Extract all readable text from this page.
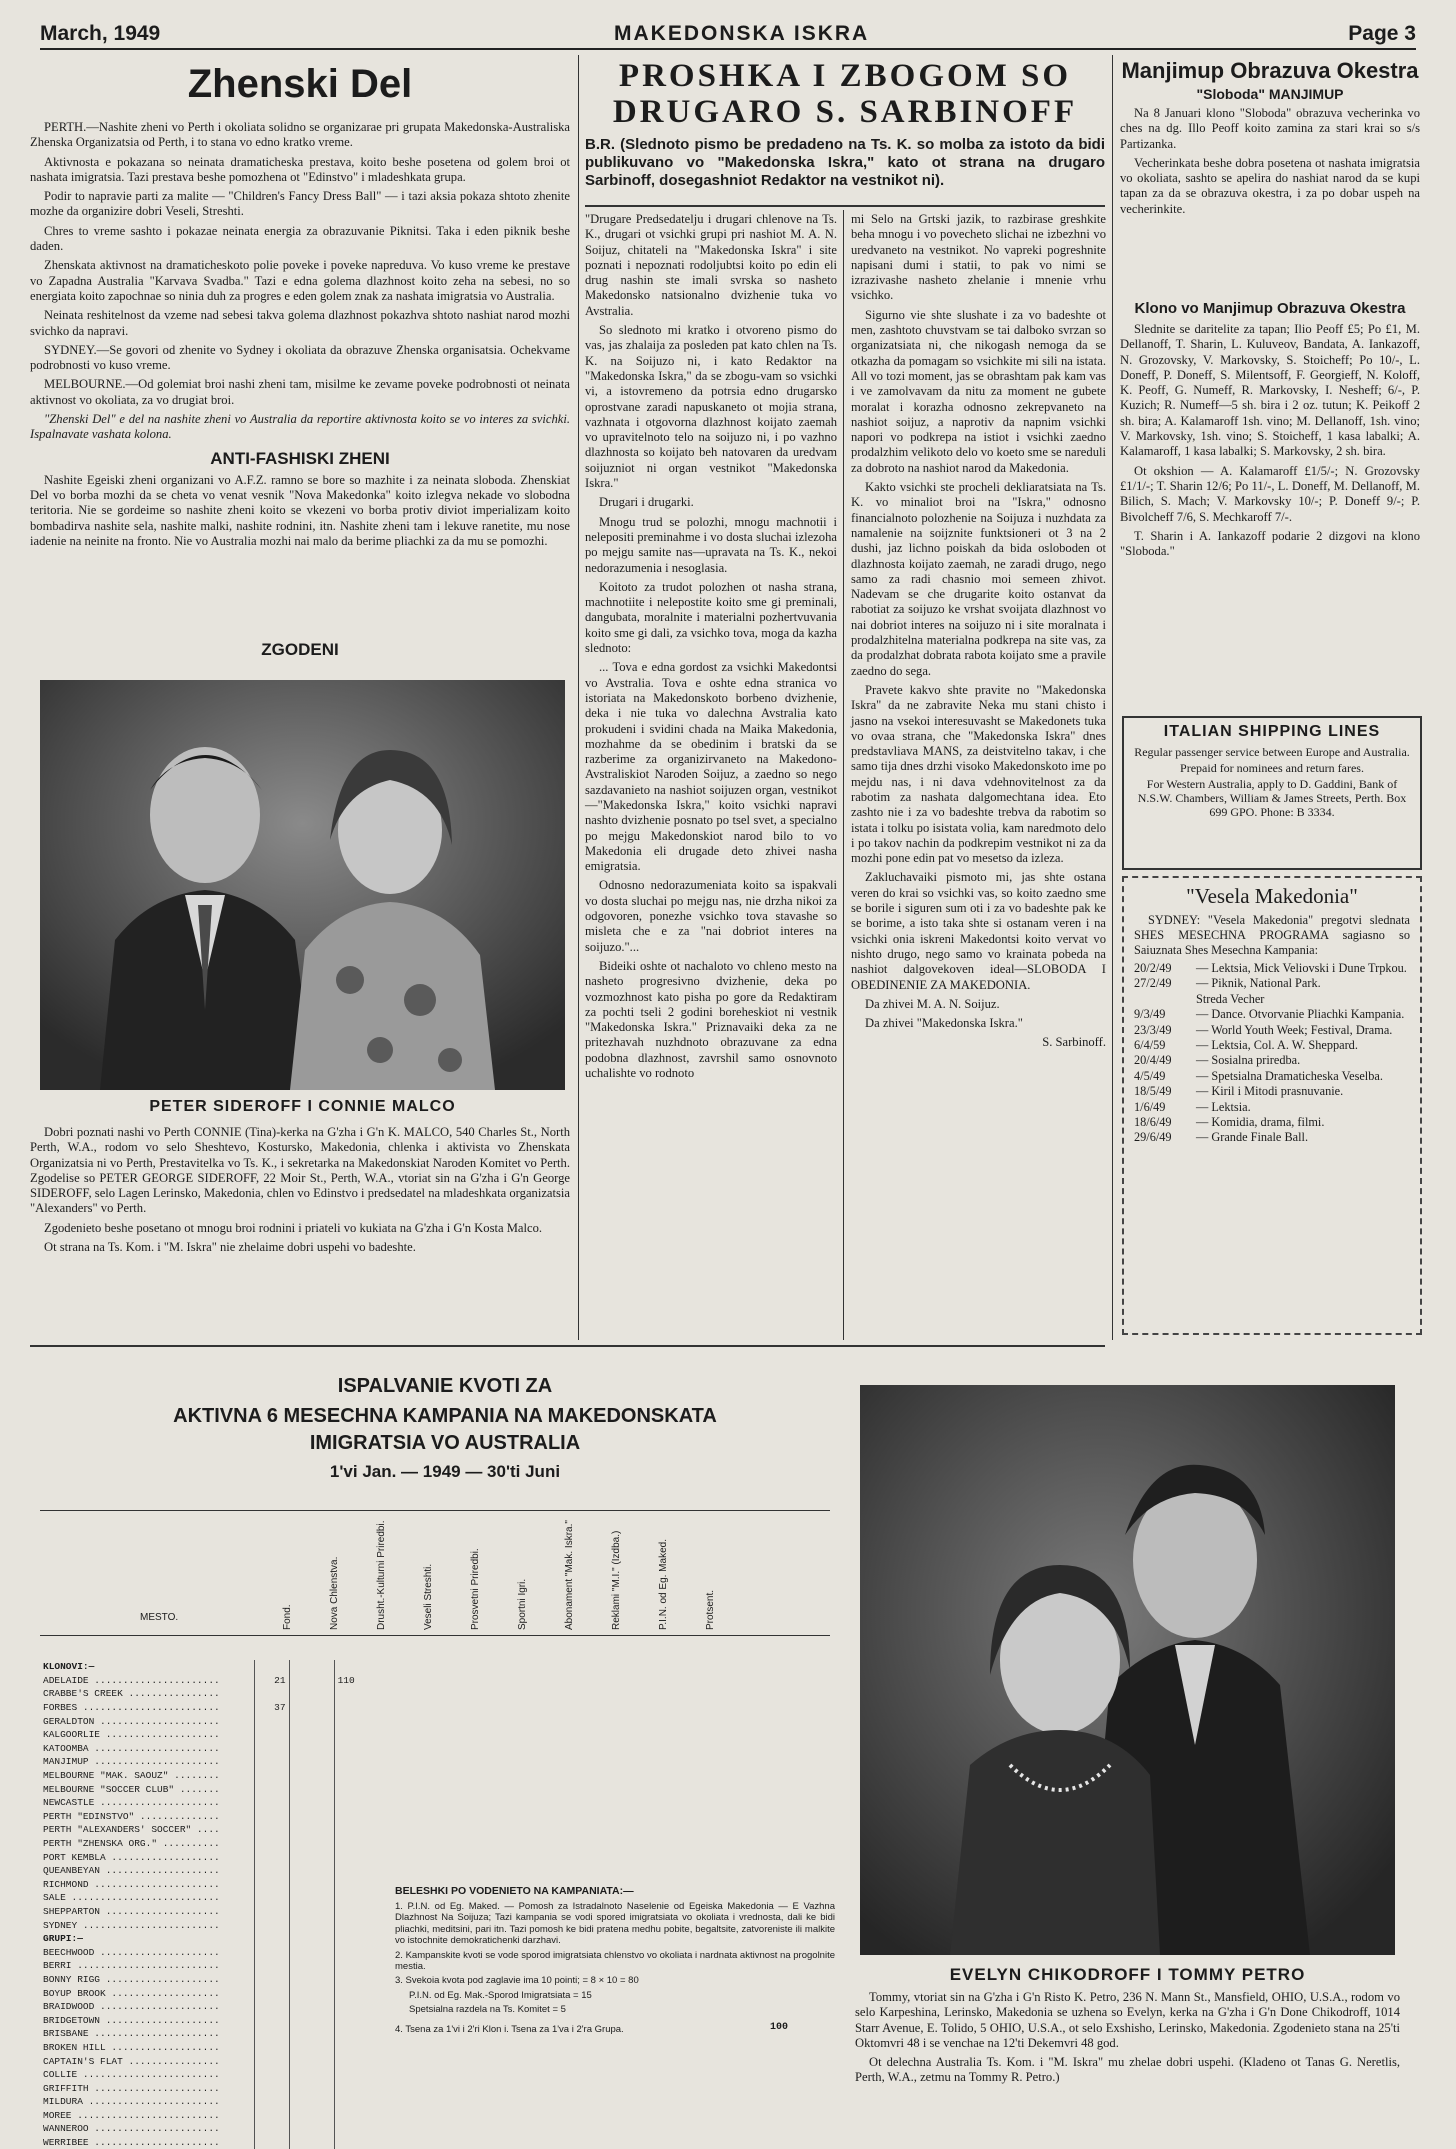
March, 1949	MAKEDONSKA ISKRA	Page 3
Zhenski Del

PERTH.—Nashite zheni vo Perth i okoliata solidno se organizarae pri grupata Makedonska-Australiska Zhenska Organizatsia od Perth, i to stana vo edno kratko vreme.

Aktivnosta e pokazana so neinata dramaticheska prestava, koito beshe posetena od golem broi ot nashata imigratsia. Tazi prestava beshe pomozhena ot "Edinstvo" i mladeshkata grupa.

Podir to napravie parti za malite — "Children's Fancy Dress Ball" — i tazi aksia pokaza shtoto zhenite mozhe da organizire dobri Veseli, Streshti.

Chres to vreme sashto i pokazae neinata energia za obrazuvanie Piknitsi. Taka i eden piknik beshe daden.

Zhenskata aktivnost na dramaticheskoto polie poveke i poveke napreduva. Vo kuso vreme ke prestave vo Zapadna Australia "Karvava Svadba." Tazi e edna golema dlazhnost koito zeha na sebesi, no so energiata koito zapochnae so ninia duh za progres e eden golem znak za nashata imigratsia vo Australia.

Neinata reshitelnost da vzeme nad sebesi takva golema dlazhnost pokazhva shtoto nashiat narod mozhi svichko da napravi.

SYDNEY.—Se govori od zhenite vo Sydney i okoliata da obrazuve Zhenska organisatsia. Ochekvame podrobnosti vo kuso vreme.

MELBOURNE.—Od golemiat broi nashi zheni tam, misilme ke zevame poveke podrobnosti ot neinata aktivnost vo okoliata, za vo drugiat broi.

"Zhenski Del" e del na nashite zheni vo Australia da reportire aktivnosta koito se vo interes za svichki. Ispalnavate vashata kolona.

ANTI-FASHISKI ZHENI

Nashite Egeiski zheni organizani vo A.F.Z. ramno se bore so mazhite i za neinata sloboda. Zhenskiat Del vo borba mozhi da se cheta vo venat vesnik "Nova Makedonka" koito izlegva nekade vo slobodna teritoria. Nie se gordeime so nashite zheni koito se vkezeni vo borba protiv diviot imperializam koito bombadirva nashite sela, nashite malki, nashite rodnini, itn. Nashite zheni tam i lekuve ranetite, mu nose iadenie na neinite na fronto. Nie vo Australia mozhi nai malo da berime pliachki za da mu se pomozhi.

ZGODENI
PETER SIDEROFF I CONNIE MALCO

Dobri poznati nashi vo Perth CONNIE (Tina)-kerka na G'zha i G'n K. MALCO, 540 Charles St., North Perth, W.A., rodom vo selo Sheshtevo, Kostursko, Makedonia, chlenka i aktivista vo Zhenskata Organizatsia ni vo Perth, Prestavitelka vo Ts. K., i sekretarka na Makedonskiat Naroden Komitet vo Perth. Zgodelise so PETER GEORGE SIDEROFF, 22 Moir St., Perth, W.A., vtoriat sin na G'zha i G'n George SIDEROFF, selo Lagen Lerinsko, Makedonia, chlen vo Edinstvo i predsedatel na mladeshkata organizatsia "Alexanders" vo Perth.

Zgodenieto beshe posetano ot mnogu broi rodnini i priateli vo kukiata na G'zha i G'n Kosta Malco.

Ot strana na Ts. Kom. i "M. Iskra" nie zhelaime dobri uspehi vo badeshte.

PROSHKA I ZBOGOM SO
DRUGARO S. SARBINOFF
B.R. (Slednoto pismo be predadeno na Ts. K. so molba za istoto da bidi publikuvano vo "Makedonska Iskra," kato ot strana na drugaro Sarbinoff, dosegashniot Redaktor na vestnikot ni).

"Drugare Predsedatelju i drugari chlenove na Ts. K., drugari ot vsichki grupi pri nashiot M. A. N. Soijuz, chitateli na "Makedonska Iskra" i site poznati i nepoznati rodoljubtsi koito po edin eli drug nashin ste imali svrska so nasheto Makedonsko natsionalno dvizhenie tuka vo Avstralia.

So slednoto mi kratko i otvoreno pismo do vas, jas zhalaija za posleden pat kato chlen na Ts. K. na Soijuzo ni, i kato Redaktor na "Makedonska Iskra," da se zbogu-vam so vsichki vi, a istovremeno da potrsia edno drugarsko oprostvane zaradi napuskaneto ot mojia strana, vazhnata i otgovorna dlazhnost koijato zaemah vo upravitelnoto telo na soijuzo ni, i po vazhno dlazhnosta so koijato beh natovaren da uredvam soijuzniot ni organ vestnikot "Makedonska Iskra."

Drugari i drugarki.

Mnogu trud se polozhi, mnogu machnotii i nelepositi preminahme i vo dosta sluchai izlezoha po mejgu samite nas—upravata na Ts. K., nekoi nedorazumenia i nesoglasia.

Koitoto za trudot polozhen ot nasha strana, machnotiite i nelepostite koito sme gi preminali, dangubata, moralnite i materialni pozhertvuvania koito sme gi dali, za vsichko tova, moga da kazha slednoto:

... Tova e edna gordost za vsichki Makedontsi vo Avstralia. Tova e oshte edna stranica vo istoriata na Makedonskoto borbeno dvizhenie, deka i nie tuka vo dalechna Avstralia kato prokudeni i svidini chada na Maika Makedonia, mozhahme da se obedinim i bratski da se razberime za organizirvaneto na Makedono-Avstraliskiot Naroden Soijuz, a zaedno so nego sazdavanieto na nashiot soijuzen organ, vestnikot—"Makedonska Iskra," koito vsichki napravi nashto dvizhenie posnato po tsel svet, a specialno po mejgu Makedonskiot narod bilo to vo Makedonia eli drugade deto zhivei nasha emigratsia.

Odnosno nedorazumeniata koito sa ispakvali vo dosta sluchai po mejgu nas, nie drzha nikoi za odgovoren, ponezhe vsichko tova stavashe so misleta che e za "nai dobriot interes na soijuzo."...

Bideiki oshte ot nachaloto vo chleno mesto na nasheto progresivno dvizhenie, deka po vozmozhnost kato pisha po gore da Redaktiram za pochti tseli 2 godini boreheskiot ni vestnik "Makedonska Iskra." Priznavaiki deka za ne pritezhavah nuzhdnoto obrazuvane za edna podobna dlazhnost, zavrshil samo osnovnoto uchalishte vo rodnoto

mi Selo na Grtski jazik, to razbirase greshkite beha mnogu i vo povecheto slichai ne izbezhni vo uredvaneto na vestnikot. No vapreki pogreshnite napisani dumi i statii, to pak vo nimi se izrazivashe nasheto zhelanie i mnenie vrhu vsichko.

Sigurno vie shte slushate i za vo badeshte ot men, zashtoto chuvstvam se tai dalboko svrzan so organizatsiata ni, che nikogash nemoga da se otkazha da pomagam so vsichkite mi sili na istata. All vo tozi moment, jas se obrashtam pak kam vas i ve zamolvavam da nitu za moment ne gubete moralat i korazha odnosno zekrepvaneto na nashiot soijuz, a naprotiv da napnim vsichki napori vo podkrepa na istiot i vsichki zaedno prodalzhim velikoto delo vo koeto sme se nareduli za dobroto na nashiot narod da Makedonia.

Kakto vsichki ste procheli dekliaratsiata na Ts. K. vo minaliot broi na "Iskra," odnosno financialnoto polozhenie na Soijuza i nuzhdata za namalenie na soijznite funktsioneri ot 3 na 2 dushi, jaz lichno poiskah da bida osloboden ot dlazhnosta koijato zaemah, ne zaradi drugo, nego samo za radi chasnio moi semeen zhivot. Nadevam se che drugarite koito ostanvat da rabotiat za soijuzo ke vrshat svoijata dlazhnost vo nai dobriot interes na soijuzo ni i site moralnata i prodalzhitelna materialna podkrepa na site vas, za da prodalzhat dobrata rabota koijato sme a pravile zaedno do sega.

Pravete kakvo shte pravite no "Makedonska Iskra" da ne zabravite Neka mu stani chisto i jasno na vsekoi interesuvasht se Makedonets tuka vo ovaa strana, che "Makedonska Iskra" dnes predstavliava MANS, za deistvitelno takav, i che samo tija dnes drzhi visoko Makedonskoto ime po mejdu nas, i ni dava vdehnovitelnost za da rabotim za nashata dalgomechtana idea. Eto zashto nie i za vo badeshte trebva da rabotim so istata i tolku po isistata volia, kam naredmoto delo i po takov nachin da podkrepim vestnikot ni za da mozhi pone edin pat vo mesetso da izleza.

Zakluchavaiki pismoto mi, jas shte ostana veren do krai so vsichki vas, so koito zaedno sme se borile i siguren sum oti i za vo badeshte pak ke se borime, a isto taka shte si ostanam veren i na vsichki onia iskreni Makedontsi koito vervat vo nishto drugo, nego samo vo krainata pobeda na nashiot dalgovekoven ideal—SLOBODA I OBEDINENIE ZA MAKEDONIA.

Da zhivei M. A. N. Soijuz.

Da zhivei "Makedonska Iskra."

S. Sarbinoff.

Manjimup Obrazuva Okestra
"Sloboda" MANJIMUP

Na 8 Januari klono "Sloboda" obrazuva vecherinka vo ches na dg. Illo Peoff koito zamina za stari krai so s/s Partizanka.

Vecherinkata beshe dobra posetena ot nashata imigratsia vo okoliata, sashto se apelira do nashiat narod da se kupi tapan za da se obrazuva okestra, i za po dobar uspeh na vecherinkite.

Klono vo Manjimup Obrazuva Okestra

Slednite se daritelite za tapan; Ilio Peoff £5; Po £1, M. Dellanoff, T. Sharin, L. Kuluveov, Bandata, A. Iankazoff, N. Grozovsky, V. Markovsky, S. Stoicheff; Po 10/-, L. Doneff, P. Doneff, S. Milentsoff, F. Georgieff, N. Koloff, K. Peoff, G. Numeff, R. Markovsky, I. Nesheff; 6/-, P. Kuzich; R. Numeff—5 sh. bira i 2 oz. tutun; K. Peikoff 2 sh. bira; A. Kalamaroff 1sh. vino; M. Dellanoff, 1sh. vino; V. Markovsky, 1sh. vino; S. Stoicheff, 1 kasa labalki; A. Kalamaroff, 1 kasa labalki; S. Markovsky, 2 sh. bira.

Ot okshion — A. Kalamaroff £1/5/-; N. Grozovsky £1/1/-; T. Sharin 12/6; Po 11/-, L. Doneff, M. Dellanoff, M. Bilich, S. Mach; V. Markovsky 10/-; P. Doneff 9/-; P. Bivolcheff 7/6, S. Mechkaroff 7/-.

T. Sharin i A. Iankazoff podarie 2 dizgovi na klono "Sloboda."

ITALIAN SHIPPING LINES
Regular passenger service between Europe and Australia.
Prepaid for nominees and return fares.
For Western Australia, apply to D. Gaddini, Bank of N.S.W. Chambers, William & James Streets, Perth. Box 699 GPO. Phone: B 3334.
"Vesela Makedonia"
SYDNEY: "Vesela Makedonia" pregotvi slednata SHES MESECHNA PROGRAMA sagiasno so Saiuznata Shes Mesechna Kampania:
20/2/49 — Lektsia, Mick Veliovski i Dune Trpkou.
27/2/49 — Piknik, National Park.
Streda Vecher
9/3/49 — Dance. Otvorvanie Pliachki Kampania.
23/3/49 — World Youth Week; Festival, Drama.
6/4/59 — Lektsia, Col. A. W. Sheppard.
20/4/49 — Sosialna priredba.
4/5/49 — Spetsialna Dramaticheska Veselba.
18/5/49 — Kiril i Mitodi prasnuvanie.
1/6/49 — Lektsia.
18/6/49 — Komidia, drama, filmi.
29/6/49 — Grande Finale Ball.
ISPALVANIE KVOTI ZA
AKTIVNA 6 MESECHNA KAMPANIA NA MAKEDONSKATA
IMIGRATSIA VO AUSTRALIA
1'vi Jan. — 1949 — 30'ti Juni
MESTO.	Fond.	Nova Chlenstva.	Drusht.-Kulturni Priredbi.	Veseli Streshti.	Prosvetni Priredbi.	Sportni Igri.	Abonament "Mak. Iskra."	Reklami "M.I." (Izdba.)	P.I.N. od Eg. Maked.	Protsent.
KLONOVI:—			
ADELAIDE ......................	21		110
CRABBE'S CREEK ................			
FORBES ........................	37		
GERALDTON .....................			
KALGOORLIE ....................			
KATOOMBA ......................			
MANJIMUP ......................			
MELBOURNE "MAK. SAOUZ" ........			
MELBOURNE "SOCCER CLUB" .......			
NEWCASTLE .....................			
PERTH "EDINSTVO" ..............			
PERTH "ALEXANDERS' SOCCER" ....			
PERTH "ZHENSKA ORG." ..........			
PORT KEMBLA ...................			
QUEANBEYAN ....................			
RICHMOND ......................			
SALE ..........................			
SHEPPARTON ....................			
SYDNEY ........................			
GRUPI:—			
BEECHWOOD .....................			
BERRI .........................			
BONNY RIGG ....................			
BOYUP BROOK ...................			
BRAIDWOOD .....................			
BRIDGETOWN ....................			
BRISBANE ......................			
BROKEN HILL ...................			
CAPTAIN'S FLAT ................			
COLLIE ........................			
GRIFFITH ......................			
MILDURA .......................			
MOREE .........................			
WANNEROO ......................			
WERRIBEE ......................			
BELESHKI PO VODENIETO NA KAMPANIATA:—

1. P.I.N. od Eg. Maked. — Pomosh za Istradalnoto Naselenie od Egeiska Makedonia — E Vazhna Dlazhnost Na Soijuza; Tazi kampania se vodi spored imigratsiata vo okoliata i vrednosta, dali ke bidi pliachki, meditsini, pari itn. Tazi pomosh ke bidi pratena medhu pobite, begaltsite, zatvoreniste ili malkite vo istochnite demokratichenki darzhavi.

2. Kampanskite kvoti se vode sporod imigratsiata chlenstvo vo okoliata i nardnata aktivnost na progolnite mestia.

3. Svekoia kvota pod zaglavie ima 10 pointi; = 8 × 10 = 80

P.I.N. od Eg. Mak.-Sporod Imigratsiata = 15

Spetsialna razdela na Ts. Komitet = 5

4. Tsena za 1'vi i 2'ri Klon i. Tsena za 1'va i 2'ra Grupa.	100
EVELYN CHIKODROFF I TOMMY PETRO

Tommy, vtoriat sin na G'zha i G'n Risto K. Petro, 236 N. Mann St., Mansfield, OHIO, U.S.A., rodom vo selo Karpeshina, Lerinsko, Makedonia se uzhena so Evelyn, kerka na G'zha i G'n Done Chikodroff, 1014 Starr Avenue, E. Tolido, 5 OHIO, U.S.A., ot selo Exshisho, Lerinsko, Makedonia. Zgodenieto stana na 25'ti Oktomvri 48 i se venchae na 12'ti Dekemvri 48 god.

Ot delechna Australia Ts. Kom. i "M. Iskra" mu zhelae dobri uspehi. (Kladeno ot Tanas G. Neretlis, Perth, W.A., zetmu na Tommy R. Petro.)
